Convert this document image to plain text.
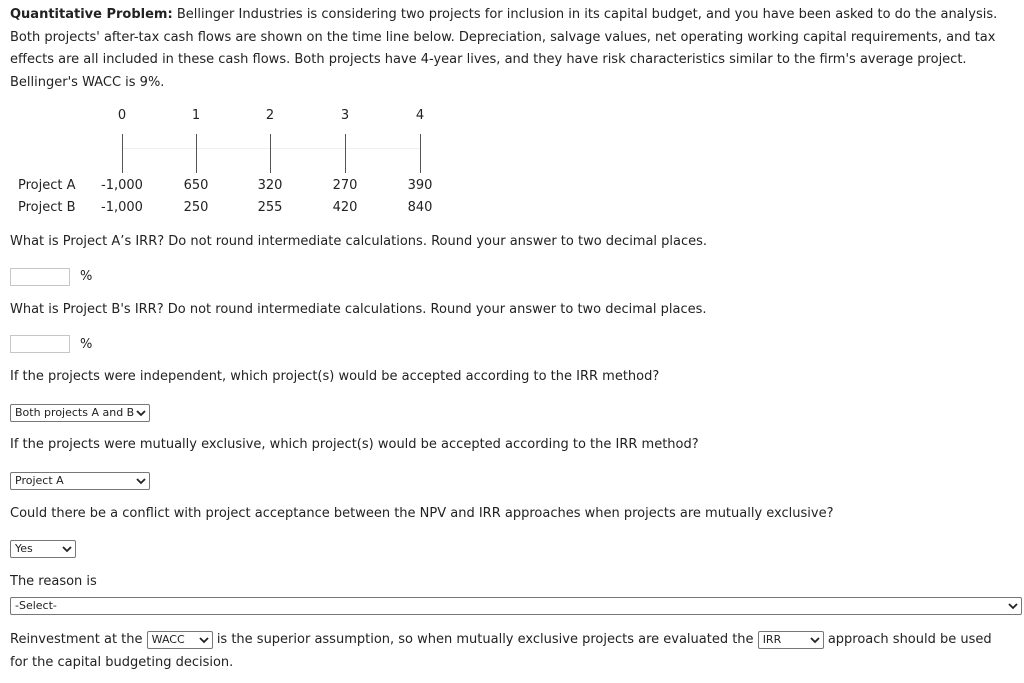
Quantitative Problem: Bellinger Industries is considering two projects for inclusion in its capital budget, and you have been asked to do the analysis. Both projects' after-tax cash flows are shown on the time line below. Depreciation, salvage values, net operating working capital requirements, and tax effects are all included in these cash flows. Both projects have 4-year lives, and they have risk characteristics similar to the firm's average project. Bellinger's WACC is 9%.
0	1	2	3	4
Project A	-1,000	650	320	270	390
Project B	-1,000	250	255	420	840
What is Project A’s IRR? Do not round intermediate calculations. Round your answer to two decimal places.
%
What is Project B's IRR? Do not round intermediate calculations. Round your answer to two decimal places.
%
If the projects were independent, which project(s) would be accepted according to the IRR method?
Both projects A and B
If the projects were mutually exclusive, which project(s) would be accepted according to the IRR method?
Project A
Could there be a conflict with project acceptance between the NPV and IRR approaches when projects are mutually exclusive?
Yes
The reason is
-Select-
Reinvestment at the WACC is the superior assumption, so when mutually exclusive projects are evaluated the IRR	approach should be used for the capital budgeting decision.
